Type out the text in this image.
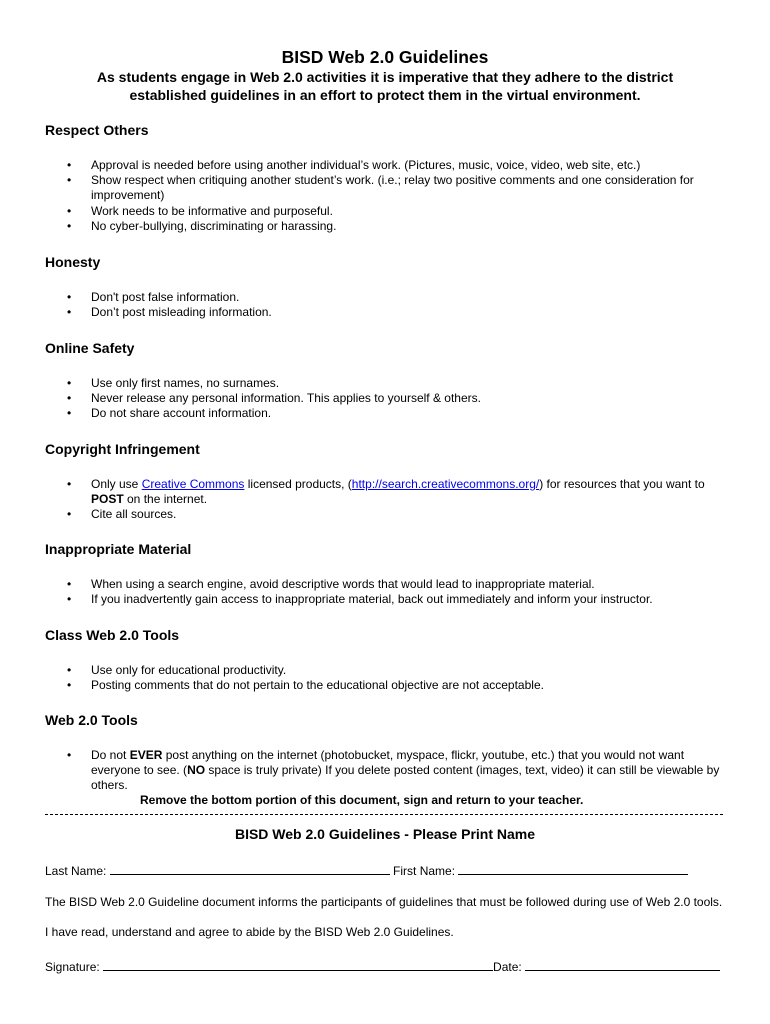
BISD Web 2.0 Guidelines

As students engage in Web 2.0 activities it is imperative that they adhere to the district established guidelines in an effort to protect them in the virtual environment.

Respect Others
• Approval is needed before using another individual’s work. (Pictures, music, voice, video, web site, etc.)
• Show respect when critiquing another student’s work. (i.e.; relay two positive comments and one consideration for improvement)
• Work needs to be informative and purposeful.
• No cyber-bullying, discriminating or harassing.
Honesty
• Don't post false information.
• Don’t post misleading information.
Online Safety
• Use only first names, no surnames.
• Never release any personal information. This applies to yourself & others.
• Do not share account information.
Copyright Infringement
• Only use Creative Commons licensed products, (http://search.creativecommons.org/) for resources that you want to POST on the internet.
• Cite all sources.
Inappropriate Material
• When using a search engine, avoid descriptive words that would lead to inappropriate material.
• If you inadvertently gain access to inappropriate material, back out immediately and inform your instructor.
Class Web 2.0 Tools
• Use only for educational productivity.
• Posting comments that do not pertain to the educational objective are not acceptable.
Web 2.0 Tools
• Do not EVER post anything on the internet (photobucket, myspace, flickr, youtube, etc.) that you would not want everyone to see. (NO space is truly private) If you delete posted content (images, text, video) it can still be viewable by others.
Remove the bottom portion of this document, sign and return to your teacher.
BISD Web 2.0 Guidelines - Please Print Name
Last Name:	First Name:
The BISD Web 2.0 Guideline document informs the participants of guidelines that must be followed during use of Web 2.0 tools.
I have read, understand and agree to abide by the BISD Web 2.0 Guidelines.
Signature:	Date:
